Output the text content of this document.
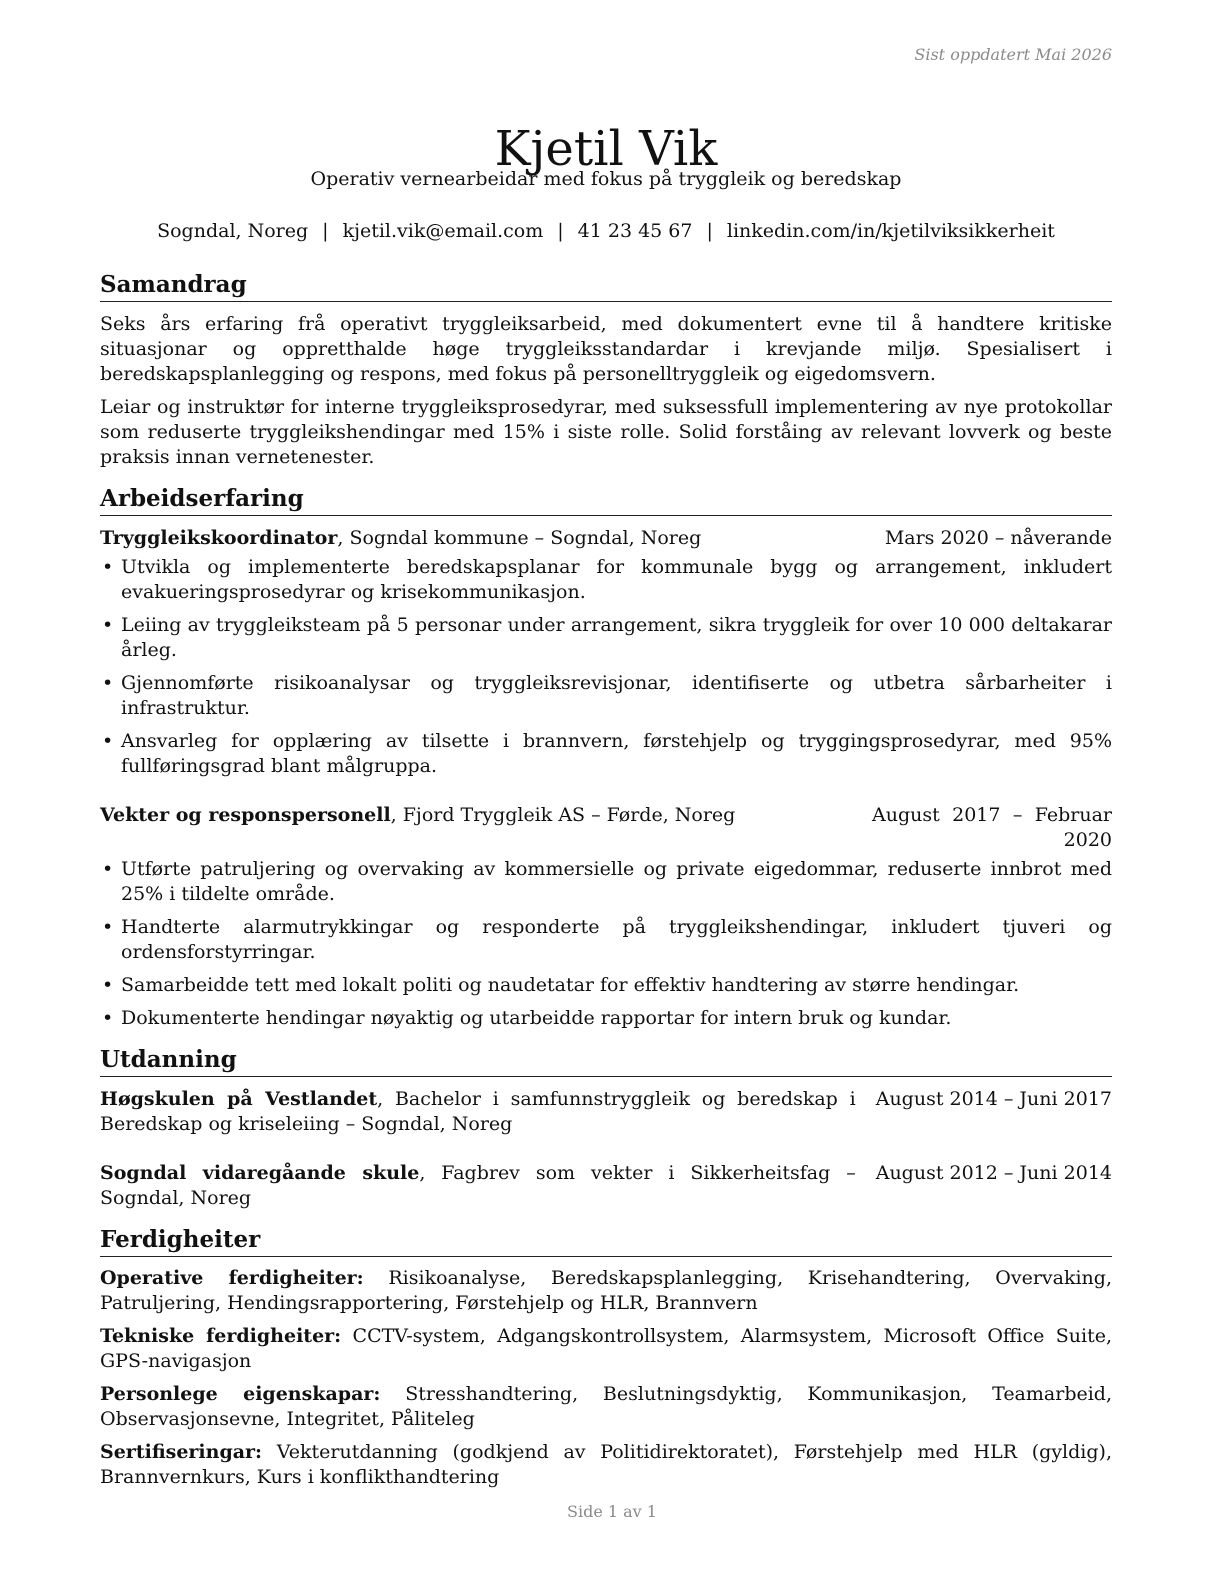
Sist oppdatert Mai 2026
Kjetil Vik
Operativ vernearbeidar med fokus på tryggleik og beredskap
Sogndal, Noreg | kjetil.vik@email.com | 41 23 45 67 | linkedin.com/in/kjetilviksikkerheit
Samandrag

Seks års erfaring frå operativt tryggleiksarbeid, med dokumentert evne til å handtere kritiske situasjonar og oppretthalde høge tryggleiksstandardar i krevjande miljø. Spesialisert i beredskapsplanlegging og respons, med fokus på personelltryggleik og eigedomsvern.

Leiar og instruktør for interne tryggleiksprosedyrar, med suksessfull implementering av nye protokollar som reduserte tryggleikshendingar med 15% i siste rolle. Solid forståing av relevant lovverk og beste praksis innan vernetenester.

Arbeidserfaring
Tryggleikskoordinator, Sogndal kommune – Sogndal, Noreg	Mars 2020 – nåverande
• Utvikla og implementerte beredskapsplanar for kommunale bygg og arrangement, inkludert evakueringsprosedyrar og krisekommunikasjon.
• Leiing av tryggleiksteam på 5 personar under arrangement, sikra tryggleik for over 10 000 deltakarar årleg.
• Gjennomførte risikoanalysar og tryggleiksrevisjonar, identifiserte og utbetra sårbarheiter i infrastruktur.
• Ansvarleg for opplæring av tilsette i brannvern, førstehjelp og tryggingsprosedyrar, med 95% fullføringsgrad blant målgruppa.
Vekter og responspersonell, Fjord Tryggleik AS – Førde, Noreg	August 2017 – Februar 2020
• Utførte patruljering og overvaking av kommersielle og private eigedommar, reduserte innbrot med 25% i tildelte område.
• Handterte alarmutrykkingar og responderte på tryggleikshendingar, inkludert tjuveri og ordensforstyrringar.
• Samarbeidde tett med lokalt politi og naudetatar for effektiv handtering av større hendingar.
• Dokumenterte hendingar nøyaktig og utarbeidde rapportar for intern bruk og kundar.
Utdanning
Høgskulen på Vestlandet, Bachelor i samfunnstryggleik og beredskap i Beredskap og kriseleiing – Sogndal, Noreg
August 2014 – Juni 2017
Sogndal vidaregåande skule, Fagbrev som vekter i Sikkerheitsfag – Sogndal, Noreg
August 2012 – Juni 2014
Ferdigheiter
Operative ferdigheiter: Risikoanalyse, Beredskapsplanlegging, Krisehandtering, Overvaking, Patruljering, Hendingsrapportering, Førstehjelp og HLR, Brannvern
Tekniske ferdigheiter: CCTV-system, Adgangskontrollsystem, Alarmsystem, Microsoft Office Suite, GPS-navigasjon
Personlege eigenskapar: Stresshandtering, Beslutningsdyktig, Kommunikasjon, Teamarbeid, Observasjonsevne, Integritet, Påliteleg
Sertifiseringar: Vekterutdanning (godkjend av Politidirektoratet), Førstehjelp med HLR (gyldig), Brannvernkurs, Kurs i konflikthandtering
Side 1 av 1
